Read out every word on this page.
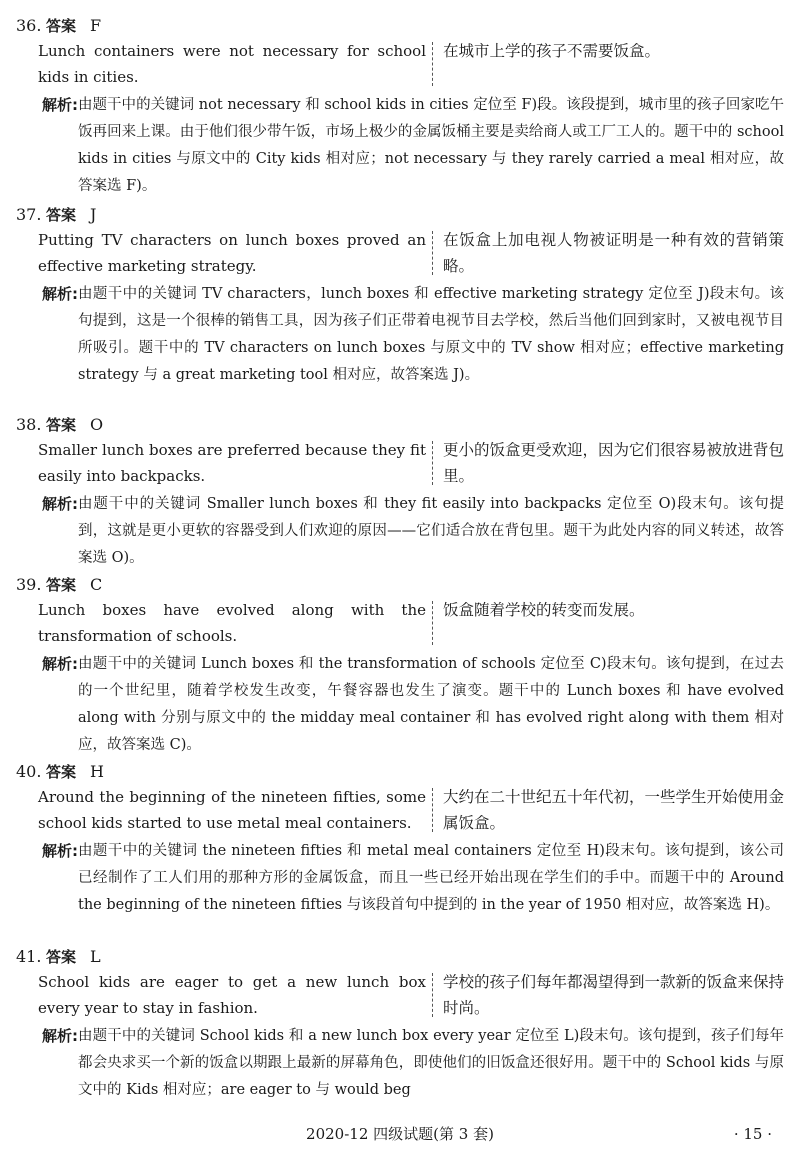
36. 答案 F
Lunch containers were not necessary for school kids in cities.
在城市上学的孩子不需要饭盒。
解析: 由题干中的关键词 not necessary 和 school kids in cities 定位至 F)段。该段提到，城市里的孩子回家吃午饭再回来上课。由于他们很少带午饭，市场上极少的金属饭桶主要是卖给商人或工厂工人的。题干中的 school kids in cities 与原文中的 City kids 相对应；not necessary 与 they rarely carried a meal 相对应，故答案选 F)。
37. 答案 J
Putting TV characters on lunch boxes proved an effective marketing strategy.
在饭盒上加电视人物被证明是一种有效的营销策略。
解析: 由题干中的关键词 TV characters，lunch boxes 和 effective marketing strategy 定位至 J)段末句。该句提到，这是一个很棒的销售工具，因为孩子们正带着电视节目去学校，然后当他们回到家时，又被电视节目所吸引。题干中的 TV characters on lunch boxes 与原文中的 TV show 相对应；effective marketing strategy 与 a great marketing tool 相对应，故答案选 J)。
38. 答案 O
Smaller lunch boxes are preferred because they fit easily into backpacks.
更小的饭盒更受欢迎，因为它们很容易被放进背包里。
解析: 由题干中的关键词 Smaller lunch boxes 和 they fit easily into backpacks 定位至 O)段末句。该句提到，这就是更小更软的容器受到人们欢迎的原因——它们适合放在背包里。题干为此处内容的同义转述，故答案选 O)。
39. 答案 C
Lunch boxes have evolved along with the transformation of schools.
饭盒随着学校的转变而发展。
解析: 由题干中的关键词 Lunch boxes 和 the transformation of schools 定位至 C)段末句。该句提到，在过去的一个世纪里，随着学校发生改变，午餐容器也发生了演变。题干中的 Lunch boxes 和 have evolved along with 分别与原文中的 the midday meal container 和 has evolved right along with them 相对应，故答案选 C)。
40. 答案 H
Around the beginning of the nineteen fifties, some school kids started to use metal meal containers.
大约在二十世纪五十年代初，一些学生开始使用金属饭盒。
解析: 由题干中的关键词 the nineteen fifties 和 metal meal containers 定位至 H)段末句。该句提到，该公司已经制作了工人们用的那种方形的金属饭盒，而且一些已经开始出现在学生们的手中。而题干中的 Around the beginning of the nineteen fifties 与该段首句中提到的 in the year of 1950 相对应，故答案选 H)。
41. 答案 L
School kids are eager to get a new lunch box every year to stay in fashion.
学校的孩子们每年都渴望得到一款新的饭盒来保持时尚。
解析: 由题干中的关键词 School kids 和 a new lunch box every year 定位至 L)段末句。该句提到，孩子们每年都会央求买一个新的饭盒以期跟上最新的屏幕角色，即使他们的旧饭盒还很好用。题干中的 School kids 与原文中的 Kids 相对应；are eager to 与 would beg
2020-12 四级试题(第 3 套)	· 15 ·
